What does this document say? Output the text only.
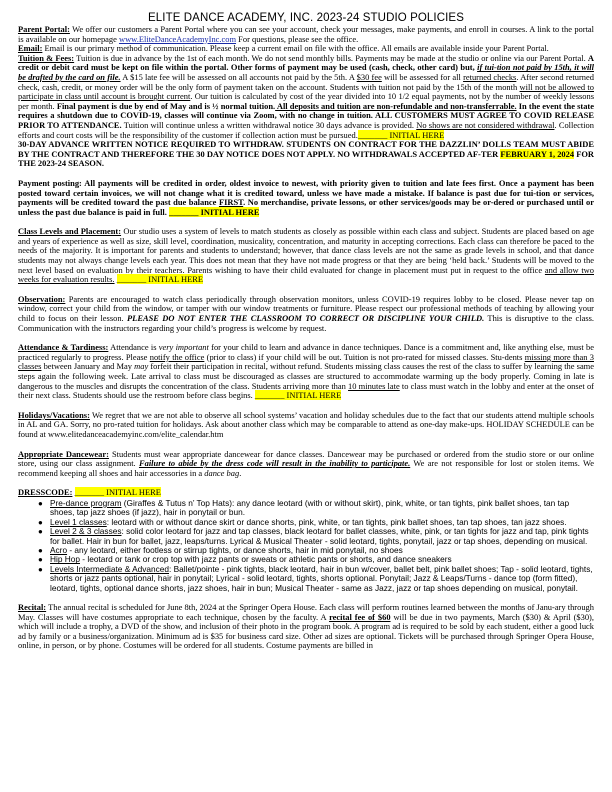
ELITE DANCE ACADEMY, INC. 2023-24 STUDIO POLICIES

Parent Portal: We offer our customers a Parent Portal where you can see your account, check your messages, make payments, and enroll in courses. A link to the portal is available on our homepage www.EliteDanceAcademyInc.com For questions, please see the office.

Email: Email is our primary method of communication. Please keep a current email on file with the office. All emails are available inside your Parent Portal.

Tuition & Fees: Tuition is due in advance by the 1st of each month. We do not send monthly bills. Payments may be made at the studio or online via our Parent Portal. A credit or debit card must be kept on file within the portal. Other forms of payment may be used (cash, check, other card) but, if tui-tion not paid by 15th, it will be drafted by the card on file. A $15 late fee will be assessed on all accounts not paid by the 5th. A $30 fee will be assessed for all returned checks. After second returned check, cash, credit, or money order will be the only form of payment taken on the account. Students with tuition not paid by the 15th of the month will not be allowed to participate in class until account is brought current. Our tuition is calculated by cost of the year divided into 10 1/2 equal payments, not by the number of weekly lessons per month. Final payment is due by end of May and is ½ normal tuition. All deposits and tuition are non-refundable and non-transferrable. In the event the state requires a shutdown due to COVID-19, classes will continue via Zoom, with no change in tuition. ALL CUSTOMERS MUST AGREE TO COVID RELEASE PRIOR TO ATTENDANCE. Tuition will continue unless a written withdrawal notice 30 days advance is provided. No shows are not considered withdrawal. Collection efforts and court costs will be the responsibility of the customer if collection action must be pursued._______ INITIAL HERE

30-DAY ADVANCE WRITTEN NOTICE REQUIRED TO WITHDRAW. STUDENTS ON CONTRACT FOR THE DAZZLIN’ DOLLS TEAM MUST ABIDE BY THE CONTRACT AND THEREFORE THE 30 DAY NOTICE DOES NOT APPLY. NO WITHDRAWALS ACCEPTED AF-TER FEBRUARY 1, 2024 FOR THE 2023-24 SEASON.

Payment posting: All payments will be credited in order, oldest invoice to newest, with priority given to tuition and late fees first. Once a payment has been posted toward certain invoices, we will not change what it is credited toward, unless we have made a mistake. If balance is past due for tui-tion or services, payments will be credited toward the past due balance FIRST. No merchandise, private lessons, or other services/goods may be or-dered or purchased until or unless the past due balance is paid in full. _______ INITIAL HERE

Class Levels and Placement: Our studio uses a system of levels to match students as closely as possible within each class and subject. Students are placed based on age and years of experience as well as size, skill level, coordination, musicality, concentration, and maturity in accepting corrections. Each class can therefore be paced to the needs of the majority. It is important for parents and students to understand; however, that dance class levels are not the same as grade levels in school, and that dance students may not always change levels each year. This does not mean that they have not made progress or that they are being ‘held back.’ Students will be moved to the next level based on evaluation by their teachers. Parents wishing to have their child evaluated for change in placement must put in request to the office and allow two weeks for evaluation results. _______ INITIAL HERE

Observation: Parents are encouraged to watch class periodically through observation monitors, unless COVID-19 requires lobby to be closed. Please never tap on window, correct your child from the window, or tamper with our window treatments or furniture. Please respect our professional methods of teaching by allowing your child to focus on their lesson. PLEASE DO NOT ENTER THE CLASSROOM TO CORRECT OR DISCIPLINE YOUR CHILD. This is disruptive to the class. Communication with the instructors regarding your child’s progress is welcome by request.

Attendance & Tardiness: Attendance is very important for your child to learn and advance in dance techniques. Dance is a commitment and, like anything else, must be practiced regularly to progress. Please notify the office (prior to class) if your child will be out. Tuition is not pro-rated for missed classes. Stu-dents missing more than 3 classes between January and May may forfeit their participation in recital, without refund. Students missing class causes the rest of the class to suffer by learning the same steps again the following week. Late arrival to class must be discouraged as classes are structured to accommodate warming up the body properly. Coming in late is dangerous to the muscles and disrupts the concentration of the class. Students arriving more than 10 minutes late to class must watch in the lobby and enter at the onset of their next class. Students should use the restroom before class begins. _______ INITIAL HERE

Holidays/Vacations: We regret that we are not able to observe all school systems’ vacation and holiday schedules due to the fact that our students attend multiple schools in AL and GA. Sorry, no pro-rated tuition for holidays. Ask about another class which may be comparable to attend as one-day make-ups. HOLIDAY SCHEDULE can be found at www.elitedanceacademyinc.com/elite_calendar.htm

Appropriate Dancewear: Students must wear appropriate dancewear for dance classes. Dancewear may be purchased or ordered from the studio store or our online store, using our class assignment. Failure to abide by the dress code will result in the inability to participate. We are not responsible for lost or stolen items. We recommend keeping all shoes and hair accessories in a dance bag.

DRESSCODE: _______ INITIAL HERE

● Pre-dance program (Giraffes & Tutus n’ Top Hats): any dance leotard (with or without skirt), pink, white, or tan tights, pink ballet shoes, tan tap shoes, tap jazz shoes (if jazz), hair in ponytail or bun.
● Level 1 classes: leotard with or without dance skirt or dance shorts, pink, white, or tan tights, pink ballet shoes, tan tap shoes, tan jazz shoes.
● Level 2 & 3 classes: solid color leotard for jazz and tap classes, black leotard for ballet classes, white, pink, or tan tights for jazz and tap, pink tights for ballet. Hair in bun for ballet, jazz, leaps/turns. Lyrical & Musical Theater - solid leotard, tights, ponytail, jazz or tap shoes, depending on musical.
● Acro - any leotard, either footless or stirrup tights, or dance shorts, hair in mid ponytail, no shoes
● Hip Hop - leotard or tank or crop top with jazz pants or sweats or athletic pants or shorts, and dance sneakers
● Levels Intermediate & Advanced: Ballet/pointe - pink tights, black leotard, hair in bun w/cover, ballet belt, pink ballet shoes; Tap - solid leotard, tights, shorts or jazz pants optional, hair in ponytail; Lyrical - solid leotard, tights, shorts optional. Ponytail; Jazz & Leaps/Turns - dance top (form fitted), leotard, tights, optional dance shorts, jazz shoes, hair in bun; Musical Theater - same as Jazz, jazz or tap shoes depending on musical, ponytail.

Recital: The annual recital is scheduled for June 8th, 2024 at the Springer Opera House. Each class will perform routines learned between the months of Janu-ary through May. Classes will have costumes appropriate to each technique, chosen by the faculty. A recital fee of $60 will be due in two payments, March ($30) & April ($30), which will include a trophy, a DVD of the show, and inclusion of their photo in the program book. A program ad is required to be sold by each student, either a good luck ad by family or a business/organization. Minimum ad is $35 for business card size. Other ad sizes are optional. Tickets will be purchased through Springer Opera House, online, in person, or by phone. Costumes will be ordered for all students. Costume payments are billed in
